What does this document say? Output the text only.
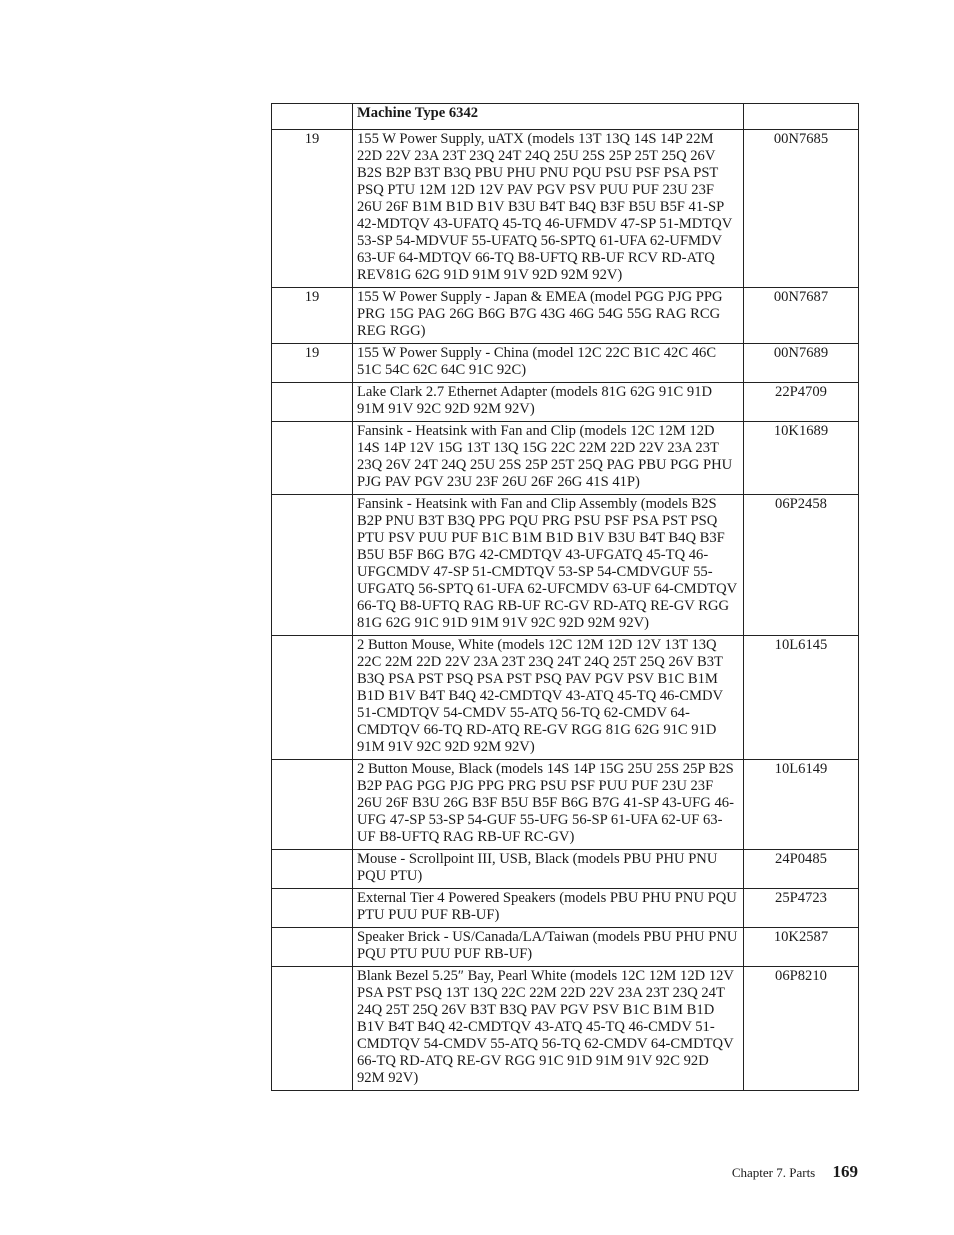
	Machine Type 6342	
19	155 W Power Supply, uATX (models 13T 13Q 14S 14P 22M 22D 22V 23A 23T 23Q 24T 24Q 25U 25S 25P 25T 25Q 26V B2S B2P B3T B3Q PBU PHU PNU PQU PSU PSF PSA PST PSQ PTU 12M 12D 12V PAV PGV PSV PUU PUF 23U 23F 26U 26F B1M B1D B1V B3U B4T B4Q B3F B5U B5F 41-SP 42-MDTQV 43-UFATQ 45-TQ 46-UFMDV 47-SP 51-MDTQV 53-SP 54-MDVUF 55-UFATQ 56-SPTQ 61-UFA 62-UFMDV 63-UF 64-MDTQV 66-TQ B8-UFTQ RB-UF RCV RD-ATQ REV81G 62G 91D 91M 91V 92D 92M 92V)	00N7685
19	155 W Power Supply - Japan & EMEA (model PGG PJG PPG PRG 15G PAG 26G B6G B7G 43G 46G 54G 55G RAG RCG REG RGG)	00N7687
19	155 W Power Supply - China (model 12C 22C B1C 42C 46C 51C 54C 62C 64C 91C 92C)	00N7689
	Lake Clark 2.7 Ethernet Adapter (models 81G 62G 91C 91D 91M 91V 92C 92D 92M 92V)	22P4709
	Fansink - Heatsink with Fan and Clip (models 12C 12M 12D 14S 14P 12V 15G 13T 13Q 15G 22C 22M 22D 22V 23A 23T 23Q 26V 24T 24Q 25U 25S 25P 25T 25Q PAG PBU PGG PHU PJG PAV PGV 23U 23F 26U 26F 26G 41S 41P)	10K1689
	Fansink - Heatsink with Fan and Clip Assembly (models B2S B2P PNU B3T B3Q PPG PQU PRG PSU PSF PSA PST PSQ PTU PSV PUU PUF B1C B1M B1D B1V B3U B4T B4Q B3F B5U B5F B6G B7G 42-CMDTQV 43-UFGATQ 45-TQ 46-UFGCMDV 47-SP 51-CMDTQV 53-SP 54-CMDVGUF 55-UFGATQ 56-SPTQ 61-UFA 62-UFCMDV 63-UF 64-CMDTQV 66-TQ B8-UFTQ RAG RB-UF RC-GV RD-ATQ RE-GV RGG 81G 62G 91C 91D 91M 91V 92C 92D 92M 92V)	06P2458
	2 Button Mouse, White (models 12C 12M 12D 12V 13T 13Q 22C 22M 22D 22V 23A 23T 23Q 24T 24Q 25T 25Q 26V B3T B3Q PSA PST PSQ PSA PST PSQ PAV PGV PSV B1C B1M B1D B1V B4T B4Q 42-CMDTQV 43-ATQ 45-TQ 46-CMDV 51-CMDTQV 54-CMDV 55-ATQ 56-TQ 62-CMDV 64-CMDTQV 66-TQ RD-ATQ RE-GV RGG 81G 62G 91C 91D 91M 91V 92C 92D 92M 92V)	10L6145
	2 Button Mouse, Black (models 14S 14P 15G 25U 25S 25P B2S B2P PAG PGG PJG PPG PRG PSU PSF PUU PUF 23U 23F 26U 26F B3U 26G B3F B5U B5F B6G B7G 41-SP 43-UFG 46-UFG 47-SP 53-SP 54-GUF 55-UFG 56-SP 61-UFA 62-UF 63-UF B8-UFTQ RAG RB-UF RC-GV)	10L6149
	Mouse - Scrollpoint III, USB, Black (models PBU PHU PNU PQU PTU)	24P0485
	External Tier 4 Powered Speakers (models PBU PHU PNU PQU PTU PUU PUF RB-UF)	25P4723
	Speaker Brick - US/Canada/LA/Taiwan (models PBU PHU PNU PQU PTU PUU PUF RB-UF)	10K2587
	Blank Bezel 5.25″ Bay, Pearl White (models 12C 12M 12D 12V PSA PST PSQ 13T 13Q 22C 22M 22D 22V 23A 23T 23Q 24T 24Q 25T 25Q 26V B3T B3Q PAV PGV PSV B1C B1M B1D B1V B4T B4Q 42-CMDTQV 43-ATQ 45-TQ 46-CMDV 51-CMDTQV 54-CMDV 55-ATQ 56-TQ 62-CMDV 64-CMDTQV 66-TQ RD-ATQ RE-GV RGG 91C 91D 91M 91V 92C 92D 92M 92V)	06P8210
Chapter 7. Parts 169
